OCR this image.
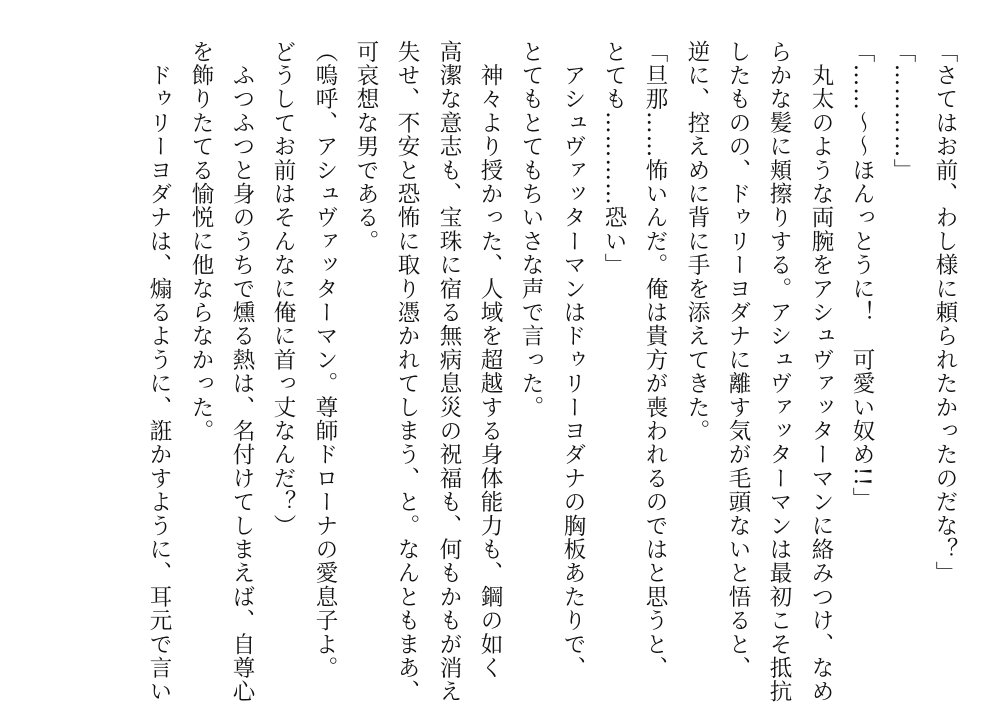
「さてはお前、わし様に頼られたかったのだな？」
「…………」
「……～～ほんっとうに！　可愛い奴め!!」
　丸太のような両腕をアシュヴァッターマンに絡みつけ、なめ
らかな髪に頬擦りする。アシュヴァッターマンは最初こそ抵抗
したものの、ドゥリーヨダナに離す気が毛頭ないと悟ると、
逆に、控えめに背に手を添えてきた。
「旦那……怖いんだ。俺は貴方が喪われるのではと思うと、
とても…………恐い」
　アシュヴァッターマンはドゥリーヨダナの胸板あたりで、
とてもとてもちいさな声で言った。
　神々より授かった、人域を超越する身体能力も、鋼の如く
高潔な意志も、宝珠に宿る無病息災の祝福も、何もかもが消え
失せ、不安と恐怖に取り憑かれてしまう、と。なんともまあ、
可哀想な男である。
（嗚呼、アシュヴァッターマン。尊師ドローナの愛息子よ。
どうしてお前はそんなに俺に首っ丈なんだ？）
　ふつふつと身のうちで燻る熱は、名付けてしまえば、自尊心
を飾りたてる愉悦に他ならなかった。
　ドゥリーヨダナは、煽るように、誑かすように、耳元で言い
